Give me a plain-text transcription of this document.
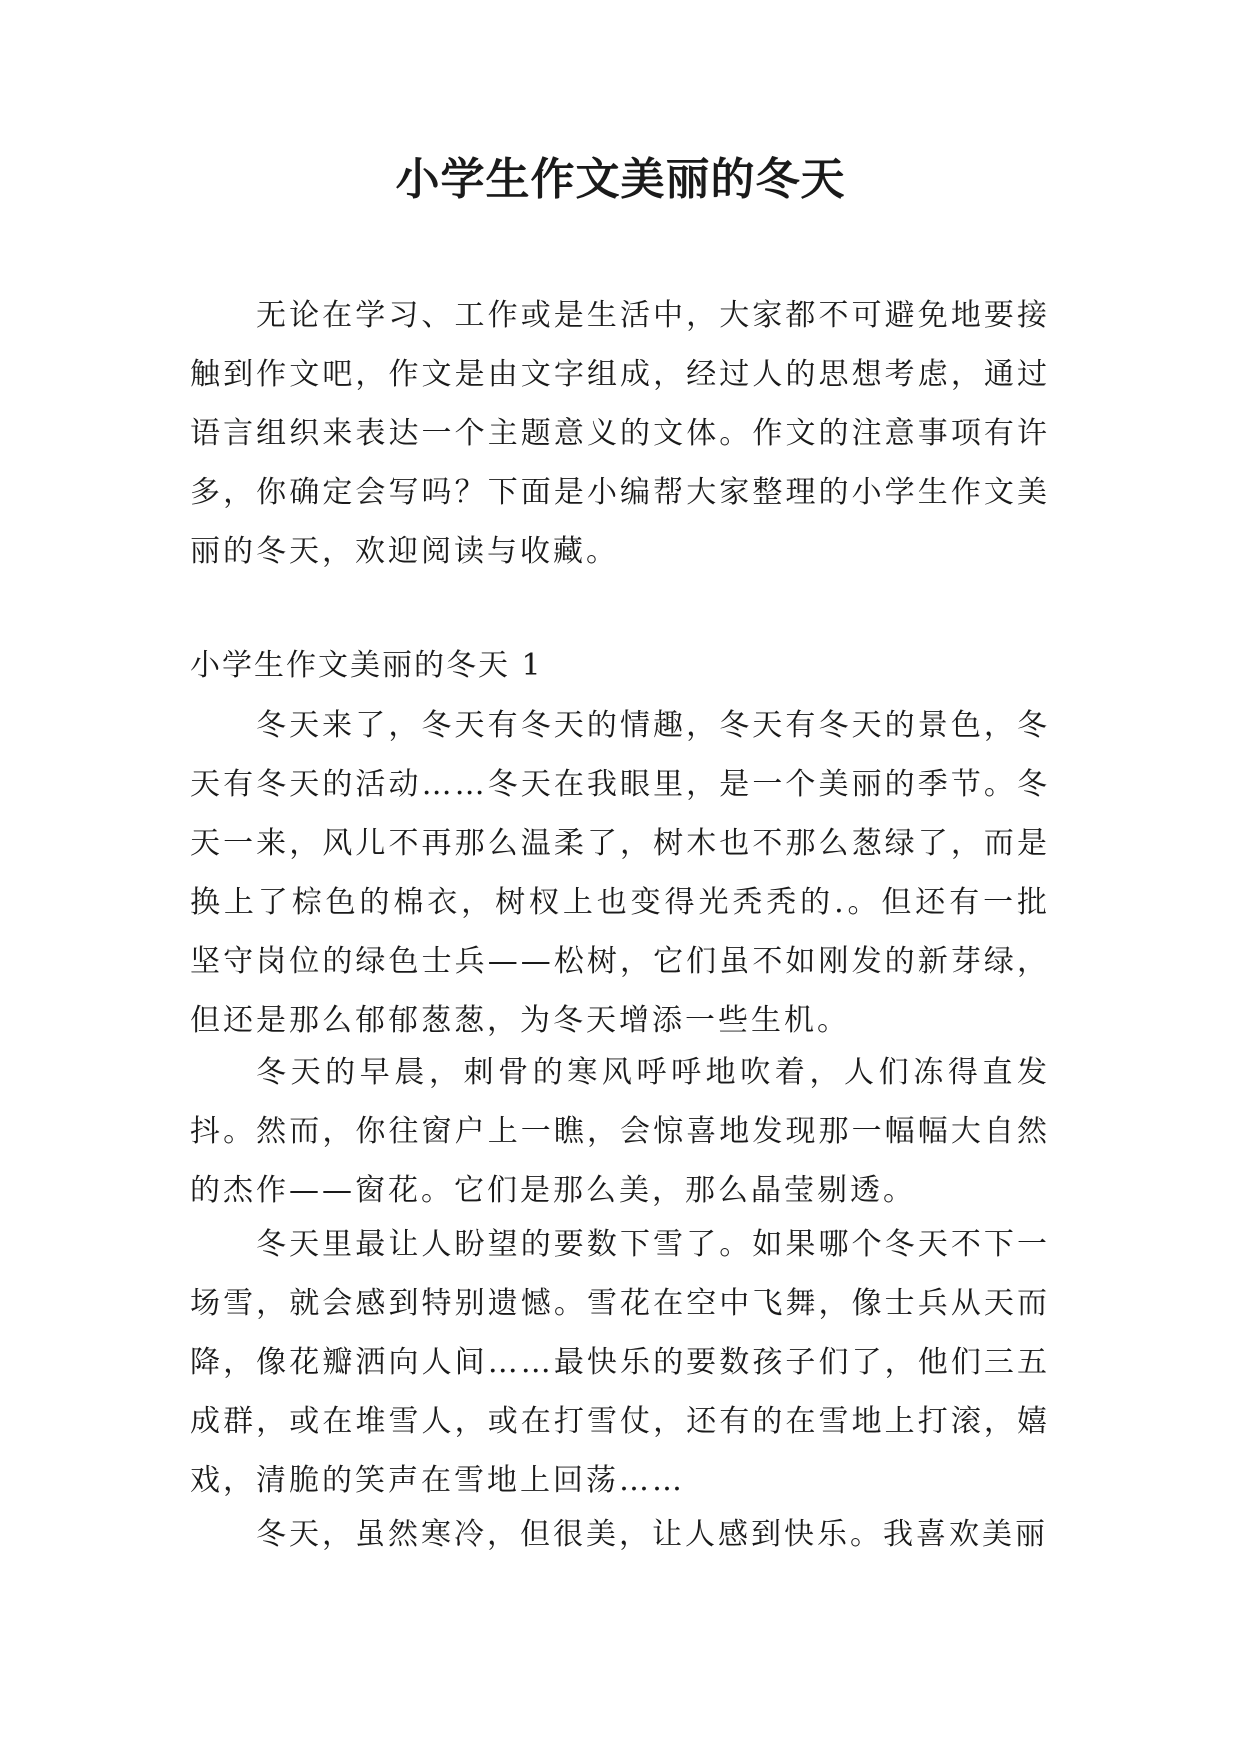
小学生作文美丽的冬天

无论在学习、工作或是生活中，大家都不可避免地要接触到作文吧，作文是由文字组成，经过人的思想考虑，通过语言组织来表达一个主题意义的文体。作文的注意事项有许多，你确定会写吗？下面是小编帮大家整理的小学生作文美丽的冬天，欢迎阅读与收藏。

小学生作文美丽的冬天 1

冬天来了，冬天有冬天的情趣，冬天有冬天的景色，冬天有冬天的活动……冬天在我眼里，是一个美丽的季节。冬天一来，风儿不再那么温柔了，树木也不那么葱绿了，而是换上了棕色的棉衣，树杈上也变得光秃秃的.。但还有一批坚守岗位的绿色士兵——松树，它们虽不如刚发的新芽绿，但还是那么郁郁葱葱，为冬天增添一些生机。

冬天的早晨，刺骨的寒风呼呼地吹着，人们冻得直发抖。然而，你往窗户上一瞧，会惊喜地发现那一幅幅大自然的杰作——窗花。它们是那么美，那么晶莹剔透。

冬天里最让人盼望的要数下雪了。如果哪个冬天不下一场雪，就会感到特别遗憾。雪花在空中飞舞，像士兵从天而降，像花瓣洒向人间……最快乐的要数孩子们了，他们三五成群，或在堆雪人，或在打雪仗，还有的在雪地上打滚，嬉戏，清脆的笑声在雪地上回荡……

冬天，虽然寒冷，但很美，让人感到快乐。我喜欢美丽
